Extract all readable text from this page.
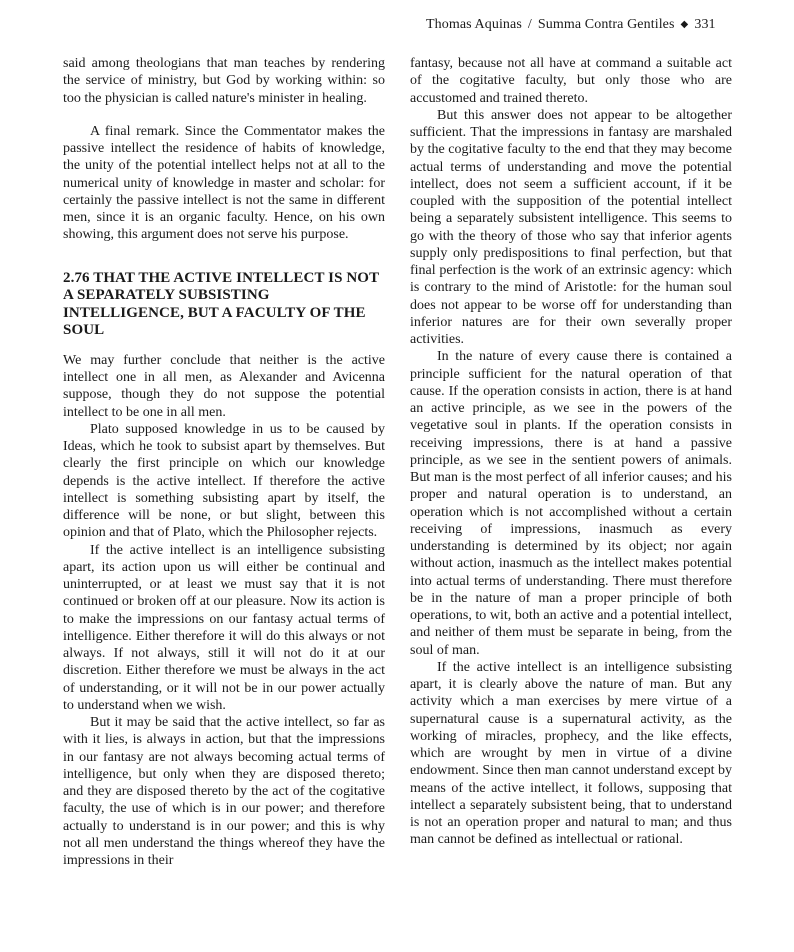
Thomas Aquinas / Summa Contra Gentiles ◆ 331

said among theologians that man teaches by rendering the service of ministry, but God by working within: so too the physician is called nature's minister in healing.

A final remark. Since the Commentator makes the passive intellect the residence of habits of knowledge, the unity of the potential intellect helps not at all to the numerical unity of knowledge in master and scholar: for certainly the passive intellect is not the same in different men, since it is an organic faculty. Hence, on his own showing, this argument does not serve his purpose.

2.76 THAT THE ACTIVE INTELLECT IS NOT A SEPARATELY SUBSISTING INTELLIGENCE, BUT A FACULTY OF THE SOUL

We may further conclude that neither is the active intellect one in all men, as Alexander and Avicenna suppose, though they do not suppose the potential intellect to be one in all men.

Plato supposed knowledge in us to be caused by Ideas, which he took to subsist apart by themselves. But clearly the first principle on which our knowledge depends is the active intellect. If therefore the active intellect is something subsisting apart by itself, the difference will be none, or but slight, between this opinion and that of Plato, which the Philosopher rejects.

If the active intellect is an intelligence subsisting apart, its action upon us will either be continual and uninterrupted, or at least we must say that it is not continued or broken off at our pleasure. Now its action is to make the impressions on our fantasy actual terms of intelligence. Either therefore it will do this always or not always. If not always, still it will not do it at our discretion. Either therefore we must be always in the act of understanding, or it will not be in our power actually to understand when we wish.

But it may be said that the active intellect, so far as with it lies, is always in action, but that the impressions in our fantasy are not always becoming actual terms of intelligence, but only when they are disposed thereto; and they are disposed thereto by the act of the cogitative faculty, the use of which is in our power; and therefore actually to understand is in our power; and this is why not all men understand the things whereof they have the impressions in their

fantasy, because not all have at command a suitable act of the cogitative faculty, but only those who are accustomed and trained thereto.

But this answer does not appear to be altogether sufficient. That the impressions in fantasy are marshaled by the cogitative faculty to the end that they may become actual terms of understanding and move the potential intellect, does not seem a sufficient account, if it be coupled with the supposition of the potential intellect being a separately subsistent intelligence. This seems to go with the theory of those who say that inferior agents supply only predispositions to final perfection, but that final perfection is the work of an extrinsic agency: which is contrary to the mind of Aristotle: for the human soul does not appear to be worse off for understanding than inferior natures are for their own severally proper activities.

In the nature of every cause there is contained a principle sufficient for the natural operation of that cause. If the operation consists in action, there is at hand an active principle, as we see in the powers of the vegetative soul in plants. If the operation consists in receiving impressions, there is at hand a passive principle, as we see in the sentient powers of animals. But man is the most perfect of all inferior causes; and his proper and natural operation is to understand, an operation which is not accomplished without a certain receiving of impressions, inasmuch as every understanding is determined by its object; nor again without action, inasmuch as the intellect makes potential into actual terms of understanding. There must therefore be in the nature of man a proper principle of both operations, to wit, both an active and a potential intellect, and neither of them must be separate in being, from the soul of man.

If the active intellect is an intelligence subsisting apart, it is clearly above the nature of man. But any activity which a man exercises by mere virtue of a supernatural cause is a supernatural activity, as the working of miracles, prophecy, and the like effects, which are wrought by men in virtue of a divine endowment. Since then man cannot understand except by means of the active intellect, it follows, supposing that intellect a separately subsistent being, that to understand is not an operation proper and natural to man; and thus man cannot be defined as intellectual or rational.
